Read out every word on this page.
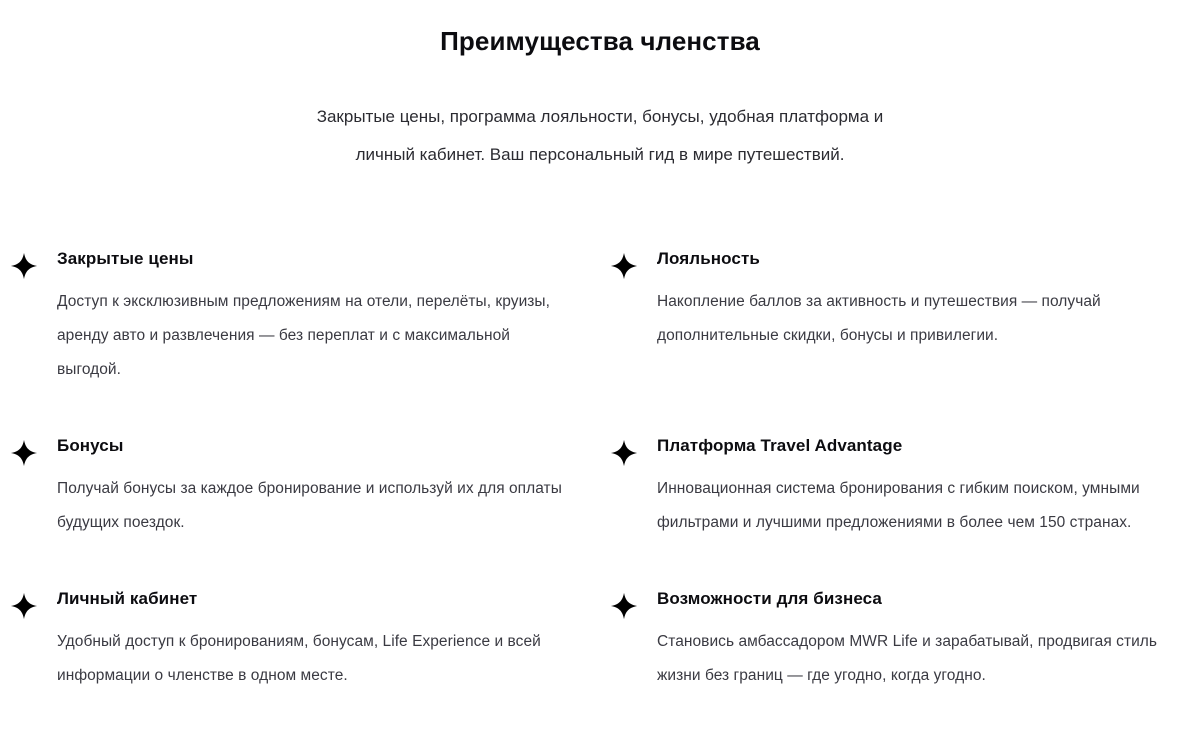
Преимущества членства

Закрытые цены, программа лояльности, бонусы, удобная платформа и личный кабинет. Ваш персональный гид в мире путешествий.

Закрытые цены

Доступ к эксклюзивным предложениям на отели, перелёты, круизы, аренду авто и развлечения — без переплат и с максимальной выгодой.

Лояльность

Накопление баллов за активность и путешествия — получай дополнительные скидки, бонусы и привилегии.

Бонусы

Получай бонусы за каждое бронирование и используй их для оплаты будущих поездок.

Платформа Travel Advantage

Инновационная система бронирования с гибким поиском, умными фильтрами и лучшими предложениями в более чем 150 странах.

Личный кабинет

Удобный доступ к бронированиям, бонусам, Life Experience и всей информации о членстве в одном месте.

Возможности для бизнеса

Становись амбассадором MWR Life и зарабатывай, продвигая стиль жизни без границ — где угодно, когда угодно.
